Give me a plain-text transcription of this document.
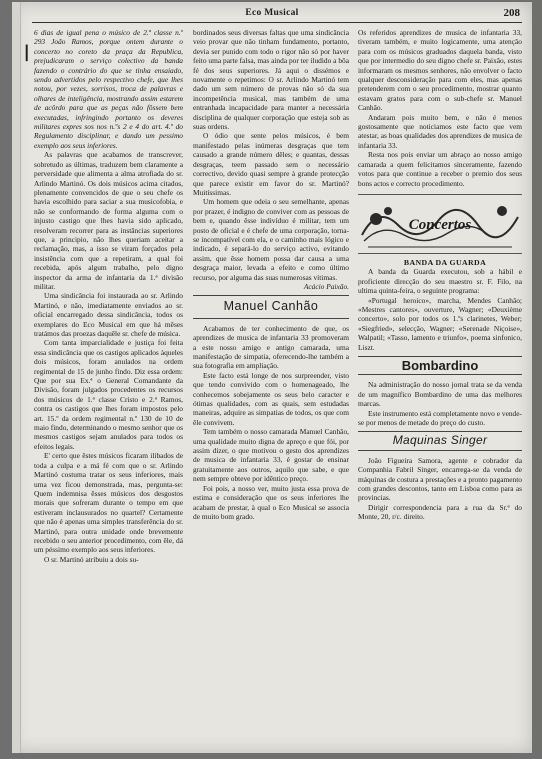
❘
Eco Musical	208

6 dias de igual pena o músico de 2.ª classe n.º 293 João Ramos, porque ontem durante o concerto no coreto da praça da Republica, prejudicaram o serviço colectivo da banda fazendo o contrário do que se tinha ensaiado, sendo advertidos pelo respectivo chefe, que lhes notou, por vezes, sorrisos, troca de palavras e olhares de inteligência, mostrando assim estarem de acôrdo para que as peças não fôssem bem executadas, infringindo portanto os deveres militares expres sos nos n.ºs 2 e 4 do art. 4.º do Regulamento disciplinar, e dando um pessimo exemplo aos seus inferiores.

As palavras que acabamos de transcrever, sobretudo as últimas, traduzem bem claramente a perversidade que alimenta a alma atrofiada do sr. Arlindo Martinó. Os dois músicos acima citados, plenamente convencidos de que o seu chefe os havia escolhido para saciar a sua musicofobia, e não se conformando de forma alguma com o injusto castigo que lhes havia sido aplicado, resolveram recorrer para as instâncias superiores que, a principio, não lhes queriam aceitar a reclamação, mas, a isso se viram forçados pela insistência com que a repetiram, a qual foi recebida, após algum trabalho, pelo digno inspector da arma de infantaria da 1.ª divisão militar.

Uma sindicância foi instaurada ao sr. Arlindo Martinó, e não, imediatamente enviados ao sr. oficial encarregado dessa sindicância, todos os exemplares do Eco Musical em que há mêses tratámos das proezas daquêle sr. chefe de música.

Com tanta imparcialidade e justiça foi feita essa sindicância que os castigos aplicados àqueles dois músicos, foram anulados na ordem regimental de 15 de junho findo. Diz essa ordem: Que por sua Ex.ª o General Comandante da Divisão, foram julgados procedentes os recursos dos músicos de 1.ª classe Cristo e 2.ª Ramos, contra os castigos que lhes foram impostos pelo art. 15.º da ordem regimental n.º 130 de 10 de maio findo, determinando o mesmo senhor que os mesmos castigos sejam anulados para todos os efeitos legais.

E' certo que êstes músicos ficaram ilibados de toda a culpa e a má fé com que o sr. Arlindo Martinó costuma tratar os seus inferiores, mais uma vez ficou demonstrada, mas, pergunta-se: Quem indemnisa êsses músicos dos desgostos morais que sofreram durante o tempo em que estiveram inclausurados no quartel? Certamente que não é apenas uma simples transferência do sr. Martinó, para outra unidade onde brevemente recebido o seu anterior procedimento, com êle, dá um péssimo exemplo aos seus inferiores.

O sr. Martinó atribuiu a dois su-

bordinados seus diversas faltas que uma sindicância veio provar que não tinham fundamento, portanto, devia ser punido com todo o rigor não só por haver feito uma parte falsa, mas ainda por ter iludido a bôa fé dos seus superiores. Já aqui o dissémos e novamente o repetimos: O sr. Arlindo Martinó tem dado um sem número de provas não só da sua incompetência musical, mas também de uma entranhada incapacidade para manter a necessária disciplina de qualquer corporação que esteja sob as suas ordens.

O ódio que sente pelos músicos, é bem manifestado pelas inúmeras desgraças que tem causado a grande número dêles; e quantas, dessas desgraças, teem passado sem o necessário correctivo, devido quasi sempre à grande protecção que parece existir em favor do sr. Martinó? Muitíssimas.

Um homem que odeia o seu semelhante, apenas por prazer, é indigno de conviver com as pessoas de bem e, quando êsse indivíduo é militar, tem um posto de oficial e é chefe de uma corporação, torna-se incompatível com ela, e o caminho mais lógico e indicado, é separá-lo do serviço activo, evitando assim, que êsse homem possa dar causa a uma desgraça maior, levada a efeito e como último recurso, por alguma das suas numerosas vítimas.

Acácio Paixão.

Manuel Canhão

Acabamos de ter conhecimento de que, os aprendizes de musica de infantaria 33 promoveram a este nosso amigo e antigo camarada, uma manifestação de simpatia, oferecendo-lhe também a sua fotografia em ampliação.

Este facto está longe de nos surpreender, visto que tendo convivido com o homenageado, lhe conhecemos sobejamente os seus belo caracter e ótimas qualidades, com as quais, sem estudadas maneiras, adquire as simpatias de todos, os que com êle convivem.

Tem também o nosso camarada Manuel Canhão, uma qualidade muito digna de apreço e que fói, por assim dizer, o que motivou o gesto dos aprendizes de musica de infantaria 33, é gostar de ensinar gratuitamente aos outros, aquilo que sabe, e que nem sempre obteve por idêntico preço.

Foi pois, a nosso ver, muito justa essa prova de estima e consideração que os seus inferiores lhe acabam de prestar, à qual o Eco Musical se associa de muito bom grado.

Os referidos aprendizes de musica de infantaria 33, tiveram também, e muito logicamente, uma atenção para com os músicos graduados daquela banda, visto que por intermedio do seu digno chefe sr. Paixão, estes informaram os mesmos senhores, não envolver o facto qualquer desconsideração para com eles, mas apenas pretenderem com o seu procedimento, mostrar quanto estavam gratos para com o sub-chefe sr. Manuel Canhão.

Andaram pois muito bem, e não é menos gostosamente que noticiamos este facto que vem atestar, as boas qualidades dos aprendizes de musica de infantaria 33.

Resta nos pois enviar um abraço ao nosso amigo camarada a quem felicitamos sinceramente, fazendo votos para que continue a receber o premio dos seus bons actos e correcto procedimento.

Concertos

BANDA DA GUARDA

A banda da Guarda executou, sob a hábil e proficiente direcção do seu maestro sr. F. Filo, na ultima quinta-feira, o seguinte programa:

«Portugal heroico», marcha, Mendes Canhão; «Mestres cantores», ouverture, Wagner; «Deuxième concerto», solo por todos os 1.ºs clarinetes, Weber; «Siegfried», selecção, Wagner; «Serenade Niçoise», Walpatil; «Tasso, lamento e triunfo», poema sinfonico, Liszt.

Bombardino

Na administração do nosso jornal trata se da venda de um magnífico Bombardino de uma das melhores marcas.

Este instrumento está completamente novo e vende-se por menos de metade do preço do custo.

Maquinas Singer

João Figueira Samora, agente e cobrador da Companhia Fabril Singer, encarrega-se da venda de máquinas de costura a prestações e a pronto pagamento com grandes descontos, tanto em Lisboa como para as provincias.

Dirigir correspondencia para a rua da Sr.ª do Monte, 20, r/c. direito.
